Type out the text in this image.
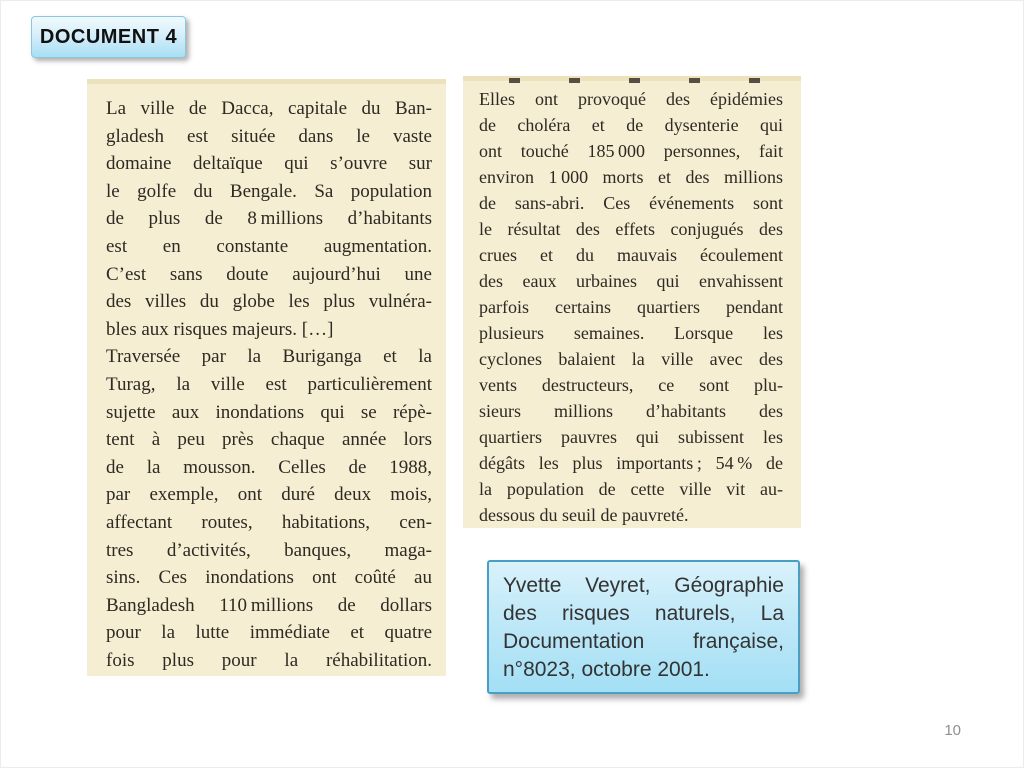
DOCUMENT 4
La ville de Dacca, capitale du Ban-
gladesh est située dans le vaste
domaine deltaïque qui s’ouvre sur
le golfe du Bengale. Sa population
de plus de 8 millions d’habitants
est en constante augmentation.
C’est sans doute aujourd’hui une
des villes du globe les plus vulnéra-
bles aux risques majeurs. […]
Traversée par la Buriganga et la
Turag, la ville est particulièrement
sujette aux inondations qui se répè-
tent à peu près chaque année lors
de la mousson. Celles de 1988,
par exemple, ont duré deux mois,
affectant routes, habitations, cen-
tres d’activités, banques, maga-
sins. Ces inondations ont coûté au
Bangladesh 110 millions de dollars
pour la lutte immédiate et quatre
fois plus pour la réhabilitation.
Elles ont provoqué des épidémies
de choléra et de dysenterie qui
ont touché 185 000 personnes, fait
environ 1 000 morts et des millions
de sans-abri. Ces événements sont
le résultat des effets conjugués des
crues et du mauvais écoulement
des eaux urbaines qui envahissent
parfois certains quartiers pendant
plusieurs semaines. Lorsque les
cyclones balaient la ville avec des
vents destructeurs, ce sont plu-
sieurs millions d’habitants des
quartiers pauvres qui subissent les
dégâts les plus importants ; 54 % de
la population de cette ville vit au-
dessous du seuil de pauvreté.
Yvette Veyret, Géographie
des risques naturels, La
Documentation française,
n°8023, octobre 2001.
10
